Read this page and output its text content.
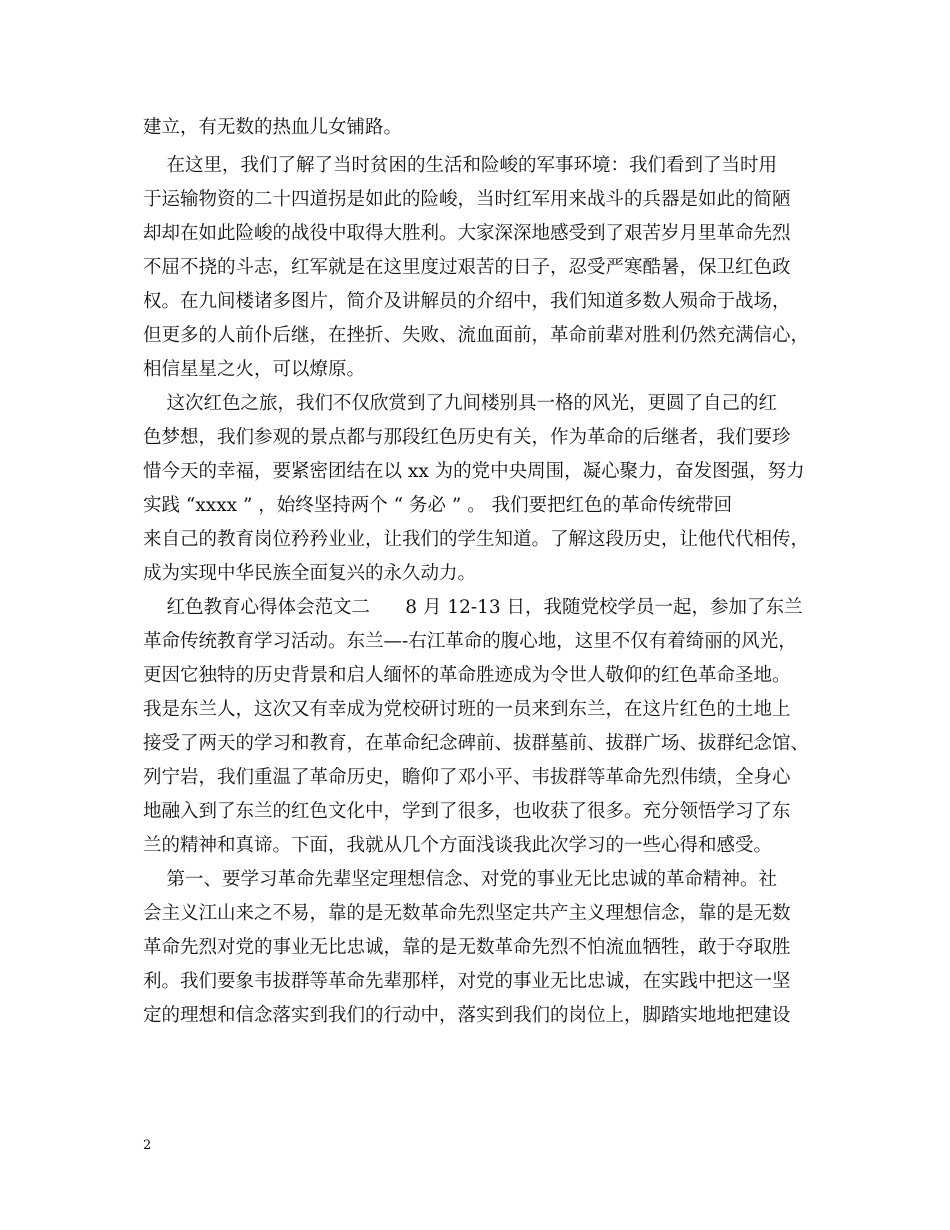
建立，有无数的热血儿女铺路。
在这里，我们了解了当时贫困的生活和险峻的军事环境：我们看到了当时用
于运输物资的二十四道拐是如此的险峻，当时红军用来战斗的兵器是如此的简陋
却却在如此险峻的战役中取得大胜利。大家深深地感受到了艰苦岁月里革命先烈
不屈不挠的斗志，红军就是在这里度过艰苦的日子，忍受严寒酷暑，保卫红色政
权。在九间楼诸多图片，简介及讲解员的介绍中，我们知道多数人殒命于战场，
但更多的人前仆后继，在挫折、失败、流血面前，革命前辈对胜利仍然充满信心，
相信星星之火，可以燎原。
这次红色之旅，我们不仅欣赏到了九间楼别具一格的风光，更圆了自己的红
色梦想，我们参观的景点都与那段红色历史有关，作为革命的后继者，我们要珍
惜今天的幸福，要紧密团结在以 xx 为的党中央周围，凝心聚力，奋发图强，努力
实践 “xxxx ” ，始终坚持两个 “ 务必 ” 。 我们要把红色的革命传统带回
来自己的教育岗位矜矜业业，让我们的学生知道。了解这段历史，让他代代相传，
成为实现中华民族全面复兴的永久动力。
红色教育心得体会范文二      8 月 12-13 日，我随党校学员一起，参加了东兰
革命传统教育学习活动。东兰—-右江革命的腹心地，这里不仅有着绮丽的风光，
更因它独特的历史背景和启人缅怀的革命胜迹成为令世人敬仰的红色革命圣地。
我是东兰人，这次又有幸成为党校研讨班的一员来到东兰，在这片红色的土地上
接受了两天的学习和教育，在革命纪念碑前、拔群墓前、拔群广场、拔群纪念馆、
列宁岩，我们重温了革命历史，瞻仰了邓小平、韦拔群等革命先烈伟绩，全身心
地融入到了东兰的红色文化中，学到了很多，也收获了很多。充分领悟学习了东
兰的精神和真谛。下面，我就从几个方面浅谈我此次学习的一些心得和感受。
第一、要学习革命先辈坚定理想信念、对党的事业无比忠诚的革命精神。社
会主义江山来之不易，靠的是无数革命先烈坚定共产主义理想信念，靠的是无数
革命先烈对党的事业无比忠诚，靠的是无数革命先烈不怕流血牺牲，敢于夺取胜
利。我们要象韦拔群等革命先辈那样，对党的事业无比忠诚，在实践中把这一坚
定的理想和信念落实到我们的行动中，落实到我们的岗位上，脚踏实地地把建设
2
